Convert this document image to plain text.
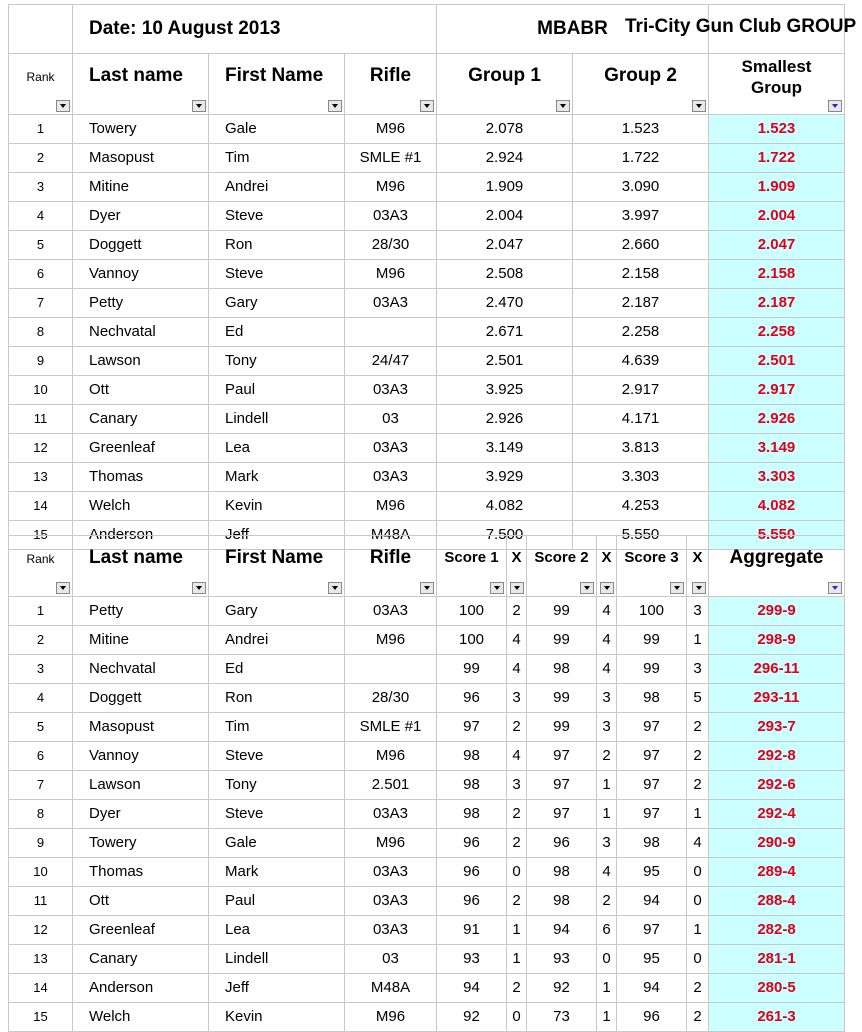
	Date: 10 August 2013			MBABR		Tri-City Gun Club GROUP

Rank	Last name	First Name	Rifle	Group 1	Group 2	Smallest
Group

1	Towery	Gale	M96	2.078	1.523	1.523
2	Masopust	Tim	SMLE #1	2.924	1.722	1.722
3	Mitine	Andrei	M96	1.909	3.090	1.909
4	Dyer	Steve	03A3	2.004	3.997	2.004
5	Doggett	Ron	28/30	2.047	2.660	2.047
6	Vannoy	Steve	M96	2.508	2.158	2.158
7	Petty	Gary	03A3	2.470	2.187	2.187
8	Nechvatal	Ed		2.671	2.258	2.258
9	Lawson	Tony	24/47	2.501	4.639	2.501
10	Ott	Paul	03A3	3.925	2.917	2.917
11	Canary	Lindell	03	2.926	4.171	2.926
12	Greenleaf	Lea	03A3	3.149	3.813	3.149
13	Thomas	Mark	03A3	3.929	3.303	3.303
14	Welch	Kevin	M96	4.082	4.253	4.082
15	Anderson	Jeff	M48A	7.500	5.550	5.550
Rank	Last name	First Name	Rifle	Score 1	X	Score 2	X	Score 3	X	Aggregate

1	Petty	Gary	03A3	100	2	99	4	100	3	299-9
2	Mitine	Andrei	M96	100	4	99	4	99	1	298-9
3	Nechvatal	Ed		99	4	98	4	99	3	296-11
4	Doggett	Ron	28/30	96	3	99	3	98	5	293-11
5	Masopust	Tim	SMLE #1	97	2	99	3	97	2	293-7
6	Vannoy	Steve	M96	98	4	97	2	97	2	292-8
7	Lawson	Tony	2.501	98	3	97	1	97	2	292-6
8	Dyer	Steve	03A3	98	2	97	1	97	1	292-4
9	Towery	Gale	M96	96	2	96	3	98	4	290-9
10	Thomas	Mark	03A3	96	0	98	4	95	0	289-4
11	Ott	Paul	03A3	96	2	98	2	94	0	288-4
12	Greenleaf	Lea	03A3	91	1	94	6	97	1	282-8
13	Canary	Lindell	03	93	1	93	0	95	0	281-1
14	Anderson	Jeff	M48A	94	2	92	1	94	2	280-5
15	Welch	Kevin	M96	92	0	73	1	96	2	261-3
